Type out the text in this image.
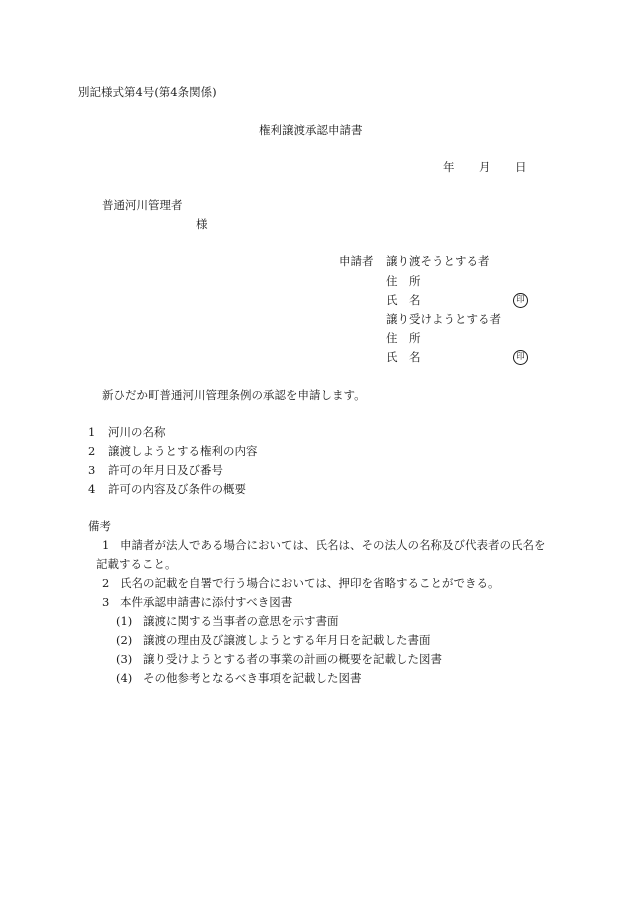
別記様式第4号(第4条関係)
権利譲渡承認申請書
年 月 日
普通河川管理者
様
申請者 譲り渡そうとする者
住 所
氏 名	印
譲り受けようとする者
住 所
氏 名	印
新ひだか町普通河川管理条例の承認を申請します。
1 河川の名称
2 譲渡しようとする権利の内容
3 許可の年月日及び番号
4 許可の内容及び条件の概要
備考
1 申請者が法人である場合においては、氏名は、その法人の名称及び代表者の氏名を
記載すること。
2 氏名の記載を自署で行う場合においては、押印を省略することができる。
3 本件承認申請書に添付すべき図書
(1) 譲渡に関する当事者の意思を示す書面
(2) 譲渡の理由及び譲渡しようとする年月日を記載した書面
(3) 譲り受けようとする者の事業の計画の概要を記載した図書
(4) その他参考となるべき事項を記載した図書
